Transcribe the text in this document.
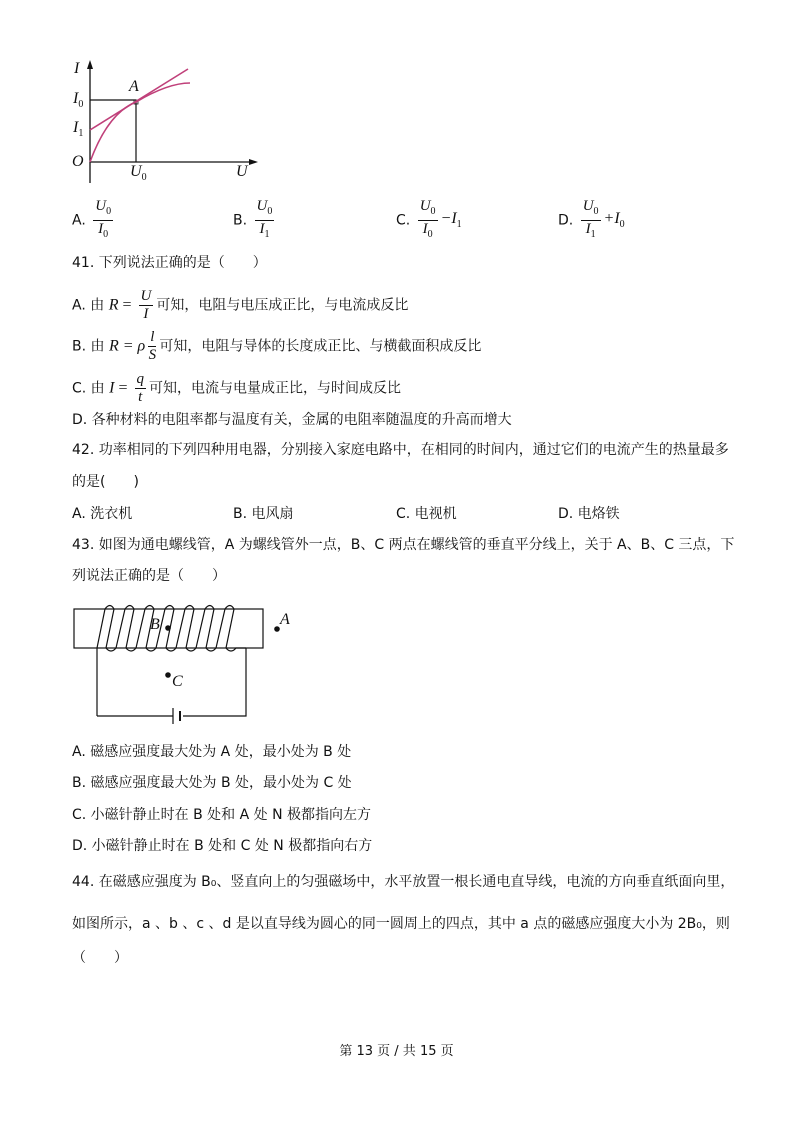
I
A
$I_0$
$I_1$
O
$U_0$	U
A. $\frac{U_0}{I_0}$	B. $\frac{U_0}{I_1}$	C. $\frac{U_0}{I_0} -I_1$	D. $\frac{U_0}{I_1} +I_0$
41. 下列说法正确的是（　　）
A. 由 $R = \frac{U}{I}$ 可知，电阻与电压成正比，与电流成反比
B. 由 R = ρ $\frac{l}{S}$ 可知，电阻与导体的长度成正比、与横截面积成反比
C. 由 $I = \frac{q}{t}$ 可知，电流与电量成正比，与时间成反比
D. 各种材料的电阻率都与温度有关，金属的电阻率随温度的升高而增大
42. 功率相同的下列四种用电器，分别接入家庭电路中，在相同的时间内，通过它们的电流产生的热量最多
的是(　　)
A. 洗衣机	B. 电风扇	C. 电视机	D. 电烙铁
43. 如图为通电螺线管，A 为螺线管外一点，B、C 两点在螺线管的垂直平分线上，关于 A、B、C 三点，下
列说法正确的是（　　）
B	A
C
A. 磁感应强度最大处为 A 处，最小处为 B 处
B. 磁感应强度最大处为 B 处，最小处为 C 处
C. 小磁针静止时在 B 处和 A 处 N 极都指向左方
D. 小磁针静止时在 B 处和 C 处 N 极都指向右方
44. 在磁感应强度为 B₀、竖直向上的匀强磁场中，水平放置一根长通电直导线，电流的方向垂直纸面向里，
如图所示，a 、b 、c 、d 是以直导线为圆心的同一圆周上的四点，其中 a 点的磁感应强度大小为 2B₀，则
（　　）
第 13 页 / 共 15 页
